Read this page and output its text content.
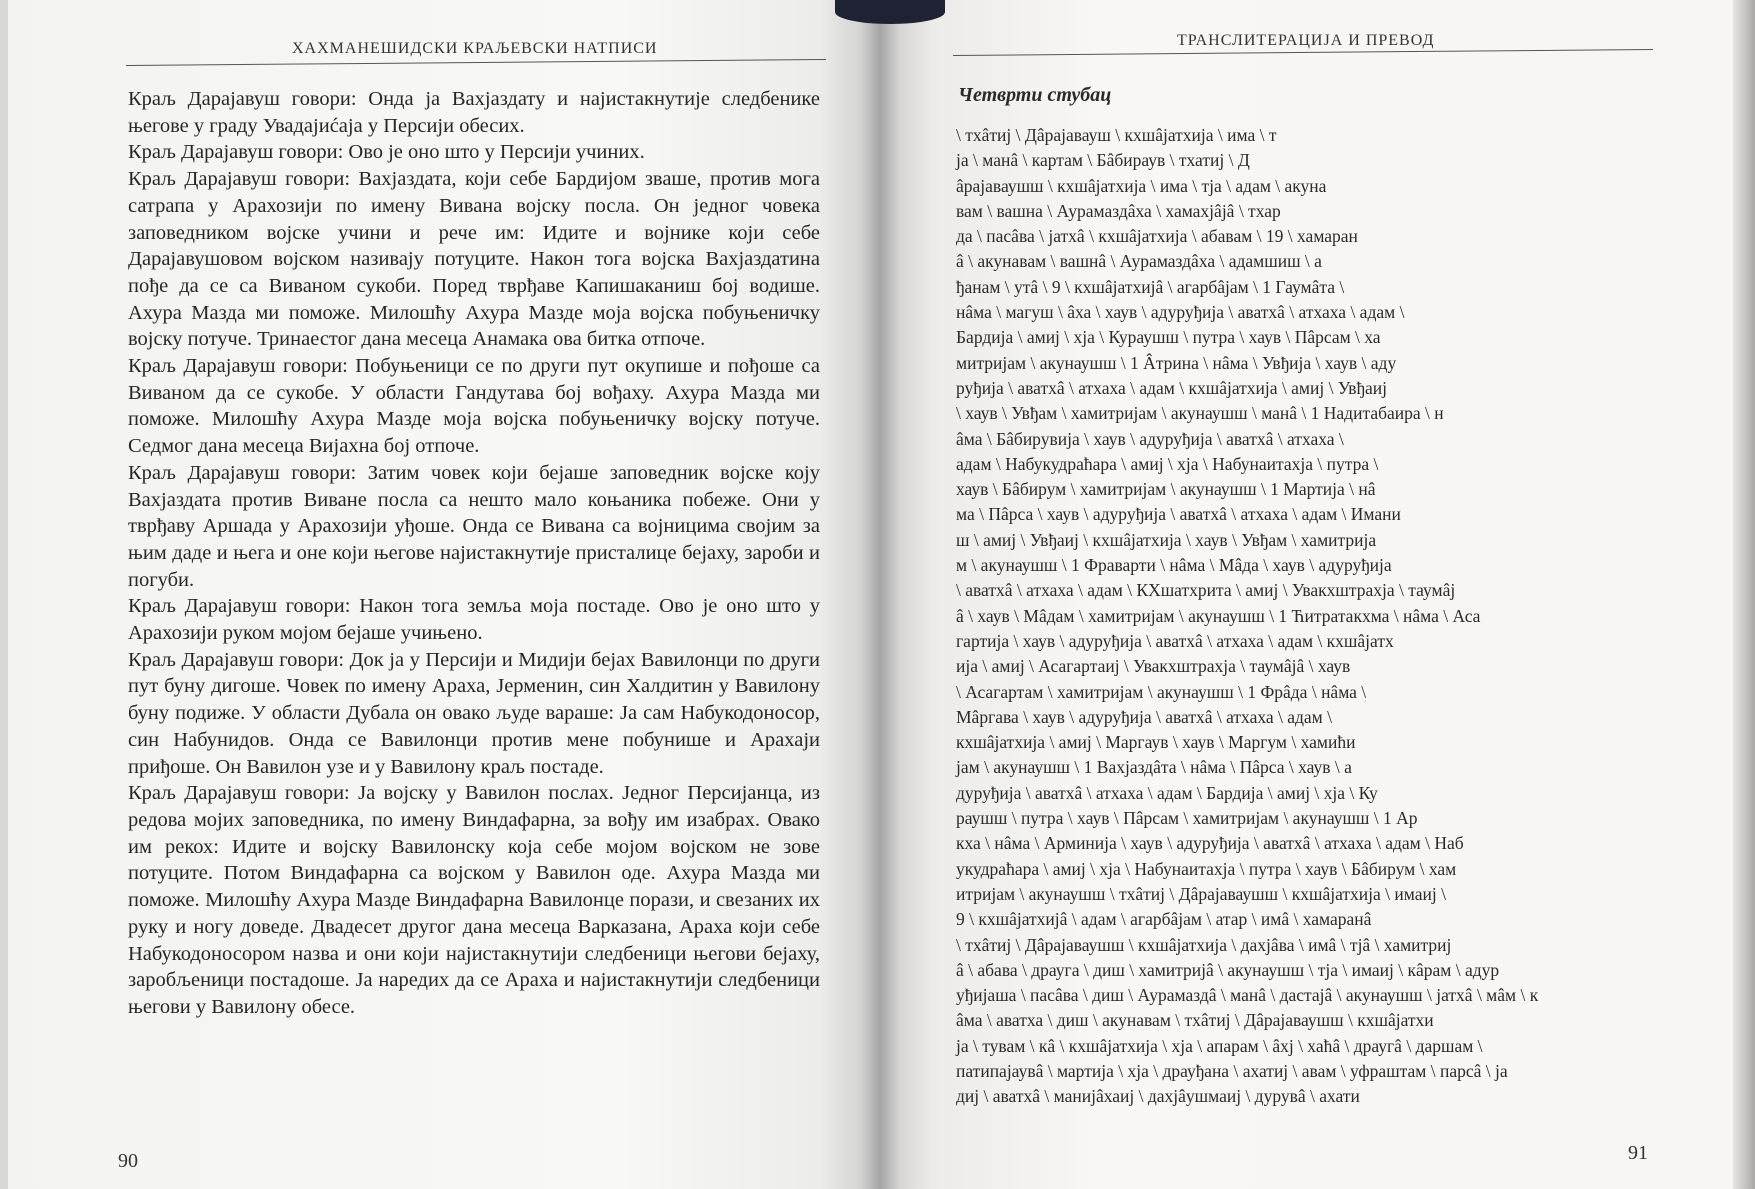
ХАХМАНЕШИДСКИ КРАЉЕВСКИ НАТПИСИ

Краљ Дарајавуш говори: Онда ја Вахјаздату и најистакнутије следбенике његове у граду Увадајиćаја у Персији обесих.

Краљ Дарајавуш говори: Ово је оно што у Персији учиних.

Краљ Дарајавуш говори: Вахјаздата, који себе Бардијом зваше, против мога сатрапа у Арахозији по имену Вивана војску посла. Он једног човека заповедником војске учини и рече им: Идите и војнике који себе Дарајавушовом војском називају потуците. Након тога војска Вахјаздатина пође да се са Виваном сукоби. Поред тврђаве Капишаканиш бој водише. Ахура Мазда ми поможе. Милошћу Ахура Мазде моја војска побуњеничку војску потуче. Тринаестог дана месеца Анамака ова битка отпоче.

Краљ Дарајавуш говори: Побуњеници се по други пут окупише и пођоше са Виваном да се сукобе. У области Гандутава бој вођаху. Ахура Мазда ми поможе. Милошћу Ахура Мазде моја војска побуњеничку војску потуче. Седмог дана месеца Вијахна бој отпоче.

Краљ Дарајавуш говори: Затим човек који бејаше заповедник војске коју Вахјаздата против Виване посла са нешто мало коњаника побеже. Они у тврђаву Аршада у Арахозији уђоше. Онда се Вивана са војницима својим за њим даде и њега и оне који његове најистакнутије присталице бејаху, зароби и погуби.

Краљ Дарајавуш говори: Након тога земља моја постаде. Ово је оно што у Арахозији руком мојом бејаше учињено.

Краљ Дарајавуш говори: Док ја у Персији и Мидији бејах Вавилонци по други пут буну дигоше. Човек по имену Араха, Јерменин, син Халдитин у Вавилону буну подиже. У области Дубала он овако људе вараше: Ја сам Набукодоносор, син Набунидов. Онда се Вавилонци против мене побунише и Арахаји приђоше. Он Вавилон узе и у Вавилону краљ постаде.

Краљ Дарајавуш говори: Ја војску у Вавилон послах. Једног Персијанца, из редова мојих заповедника, по имену Виндафарна, за вођу им изабрах. Овако им рекох: Идите и војску Вавилонску која себе мојом војском не зове потуците. Потом Виндафарна са војском у Вавилон оде. Ахура Мазда ми поможе. Милошћу Ахура Мазде Виндафарна Вавилонце порази, и свезаних их руку и ногу доведе. Двадесет другог дана месеца Варказана, Араха који себе Набукодоносором назва и они који најистакнутији следбеници његови бејаху, заробљеници постадоше. Ја наредих да се Араха и најистакнутији следбеници његови у Вавилону обесе.

90
ТРАНСЛИТЕРАЦИЈА И ПРЕВОД
Четврти стубац
\ тхâтиј \ Дâрајавауш \ кхшâјатхија \ има \ т
ја \ манâ \ картам \ Бâбираув \ тхатиј \ Д
âрајаваушш \ кхшâјатхија \ има \ тја \ адам \ акуна
вам \ вашна \ Аурамаздâха \ хамахјâјâ \ тхар
да \ пасâва \ јатхâ \ кхшâјатхија \ абавам \ 19 \ хамаран
â \ акунавам \ вашнâ \ Аурамаздâха \ адамшиш \ а
ђанам \ утâ \ 9 \ кхшâјатхијâ \ агарбâјам \ 1 Гаумâта \
нâма \ магуш \ âха \ хаув \ адуруђија \ аватхâ \ атхаха \ адам \
Бардија \ амиј \ хја \ Кураушш \ путра \ хаув \ Пâрсам \ ха
митријам \ акунаушш \ 1 Âтрина \ нâма \ Увђија \ хаув \ аду
руђија \ аватхâ \ атхаха \ адам \ кхшâјатхија \ амиј \ Увђаиј
\ хаув \ Увђам \ хамитријам \ акунаушш \ манâ \ 1 Надитабаира \ н
âма \ Бâбирувија \ хаув \ адуруђија \ аватхâ \ атхаха \
адам \ Набукудраћара \ амиј \ хја \ Набунаитахја \ путра \
хаув \ Бâбирум \ хамитријам \ акунаушш \ 1 Мартија \ нâ
ма \ Пâрса \ хаув \ адуруђија \ аватхâ \ атхаха \ адам \ Имани
ш \ амиј \ Увђаиј \ кхшâјатхија \ хаув \ Увђам \ хамитрија
м \ акунаушш \ 1 Фраварти \ нâма \ Мâда \ хаув \ адуруђија
\ аватхâ \ атхаха \ адам \ КХшатхрита \ амиј \ Увакхштрахја \ таумâј
â \ хаув \ Мâдам \ хамитријам \ акунаушш \ 1 Ћитратакхма \ нâма \ Аса
гартија \ хаув \ адуруђија \ аватхâ \ атхаха \ адам \ кхшâјатх
ија \ амиј \ Асагартаиј \ Увакхштрахја \ таумâјâ \ хаув
\ Асагартам \ хамитријам \ акунаушш \ 1 Фрâда \ нâма \
Мâргава \ хаув \ адуруђија \ аватхâ \ атхаха \ адам \
кхшâјатхија \ амиј \ Маргаув \ хаув \ Маргум \ хамићи
јам \ акунаушш \ 1 Вахјаздâта \ нâма \ Пâрса \ хаув \ а
дуруђија \ аватхâ \ атхаха \ адам \ Бардија \ амиј \ хја \ Ку
раушш \ путра \ хаув \ Пâрсам \ хамитријам \ акунаушш \ 1 Ар
кха \ нâма \ Арминија \ хаув \ адуруђија \ аватхâ \ атхаха \ адам \ Наб
укудраћара \ амиј \ хја \ Набунаитахја \ путра \ хаув \ Бâбирум \ хам
итријам \ акунаушш \ тхâтиј \ Дâрајаваушш \ кхшâјатхија \ имаиј \
9 \ кхшâјатхијâ \ адам \ агарбâјам \ атар \ имâ \ хамаранâ
\ тхâтиј \ Дâрајаваушш \ кхшâјатхија \ дахјâва \ имâ \ тјâ \ хамитриј
â \ абава \ драуга \ диш \ хамитријâ \ акунаушш \ тја \ имаиј \ кâрам \ адур
уђијаша \ пасâва \ диш \ Аурамаздâ \ манâ \ дастајâ \ акунаушш \ јатхâ \ мâм \ к
âма \ аватха \ диш \ акунавам \ тхâтиј \ Дâрајаваушш \ кхшâјатхи
ја \ тувам \ кâ \ кхшâјатхија \ хја \ апарам \ âхј \ хаћâ \ драугâ \ даршам \
патипајаувâ \ мартија \ хја \ драуђана \ ахатиј \ авам \ уфраштам \ парсâ \ ја
диј \ аватхâ \ манијâхаиј \ дахјâушмаиј \ дурувâ \ ахати
91
